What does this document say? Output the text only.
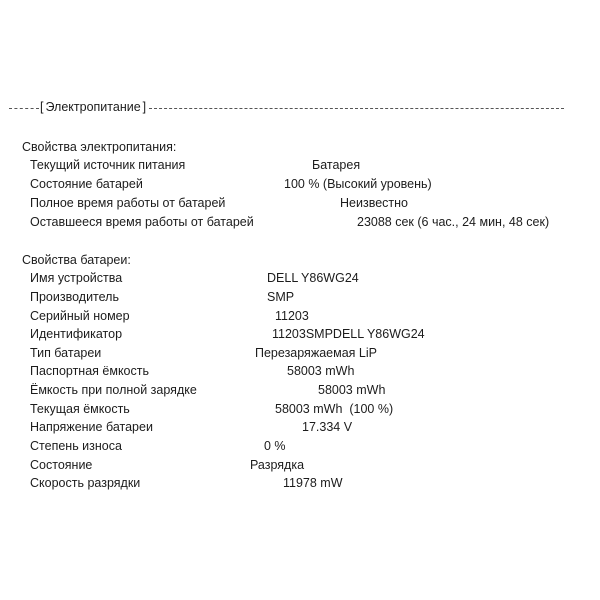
[ Электропитание ]
Свойства электропитания:
Текущий источник питания	Батарея
Состояние батарей	100 % (Высокий уровень)
Полное время работы от батарей	Неизвестно
Оставшееся время работы от батарей	23088 сек (6 час., 24 мин, 48 сек)
Свойства батареи:
Имя устройства	DELL Y86WG24
Производитель	SMP
Серийный номер	11203
Идентификатор	11203SMPDELL Y86WG24
Тип батареи	Перезаряжаемая LiP
Паспортная ёмкость	58003 mWh
Ёмкость при полной зарядке	58003 mWh
Текущая ёмкость	58003 mWh  (100 %)
Напряжение батареи	17.334 V
Степень износа	0 %
Состояние	Разрядка
Скорость разрядки	11978 mW
